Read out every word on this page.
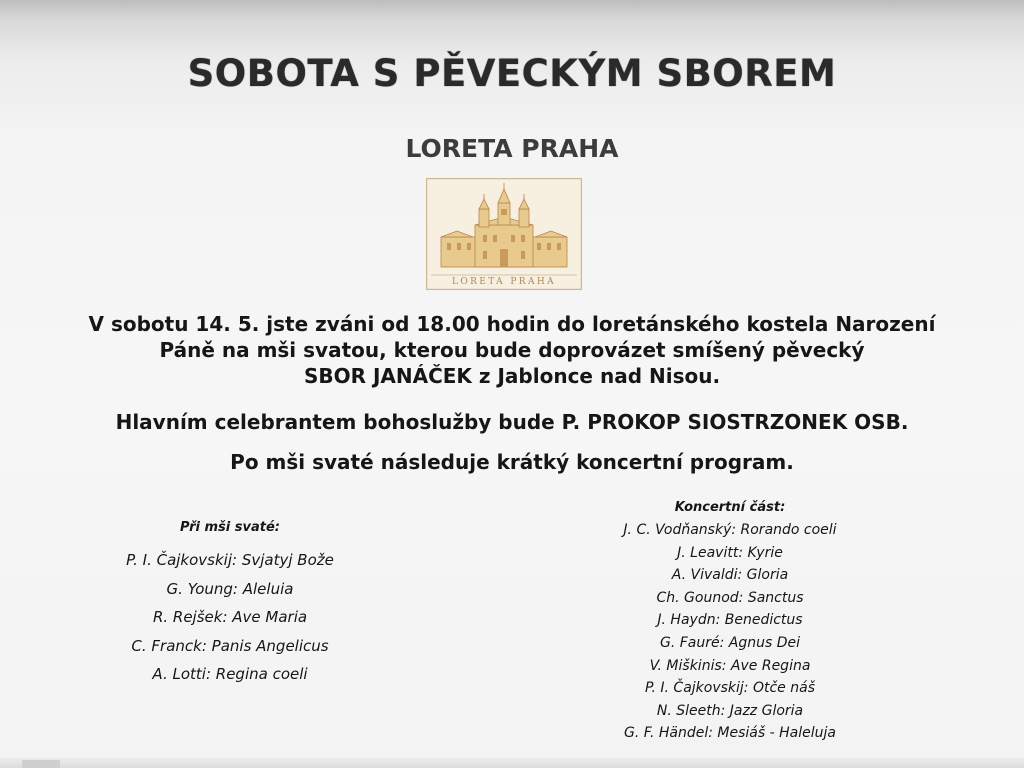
SOBOTA S PĚVECKÝM SBOREM
LORETA PRAHA
LORETA PRAHA
V sobotu 14. 5. jste zváni od 18.00 hodin do loretánského kostela Narození
Páně na mši svatou, kterou bude doprovázet smíšený pěvecký
SBOR JANÁČEK z Jablonce nad Nisou.
Hlavním celebrantem bohoslužby bude P. PROKOP SIOSTRZONEK OSB.
Po mši svaté následuje krátký koncertní program.
Při mši svaté:
P. I. Čajkovskij: Svjatyj Bože
G. Young: Aleluia
R. Rejšek: Ave Maria
C. Franck: Panis Angelicus
A. Lotti: Regina coeli
Koncertní část:
J. C. Vodňanský: Rorando coeli
J. Leavitt: Kyrie
A. Vivaldi: Gloria
Ch. Gounod: Sanctus
J. Haydn: Benedictus
G. Fauré: Agnus Dei
V. Miškinis: Ave Regina
P. I. Čajkovskij: Otče náš
N. Sleeth: Jazz Gloria
G. F. Händel: Mesiáš - Haleluja
